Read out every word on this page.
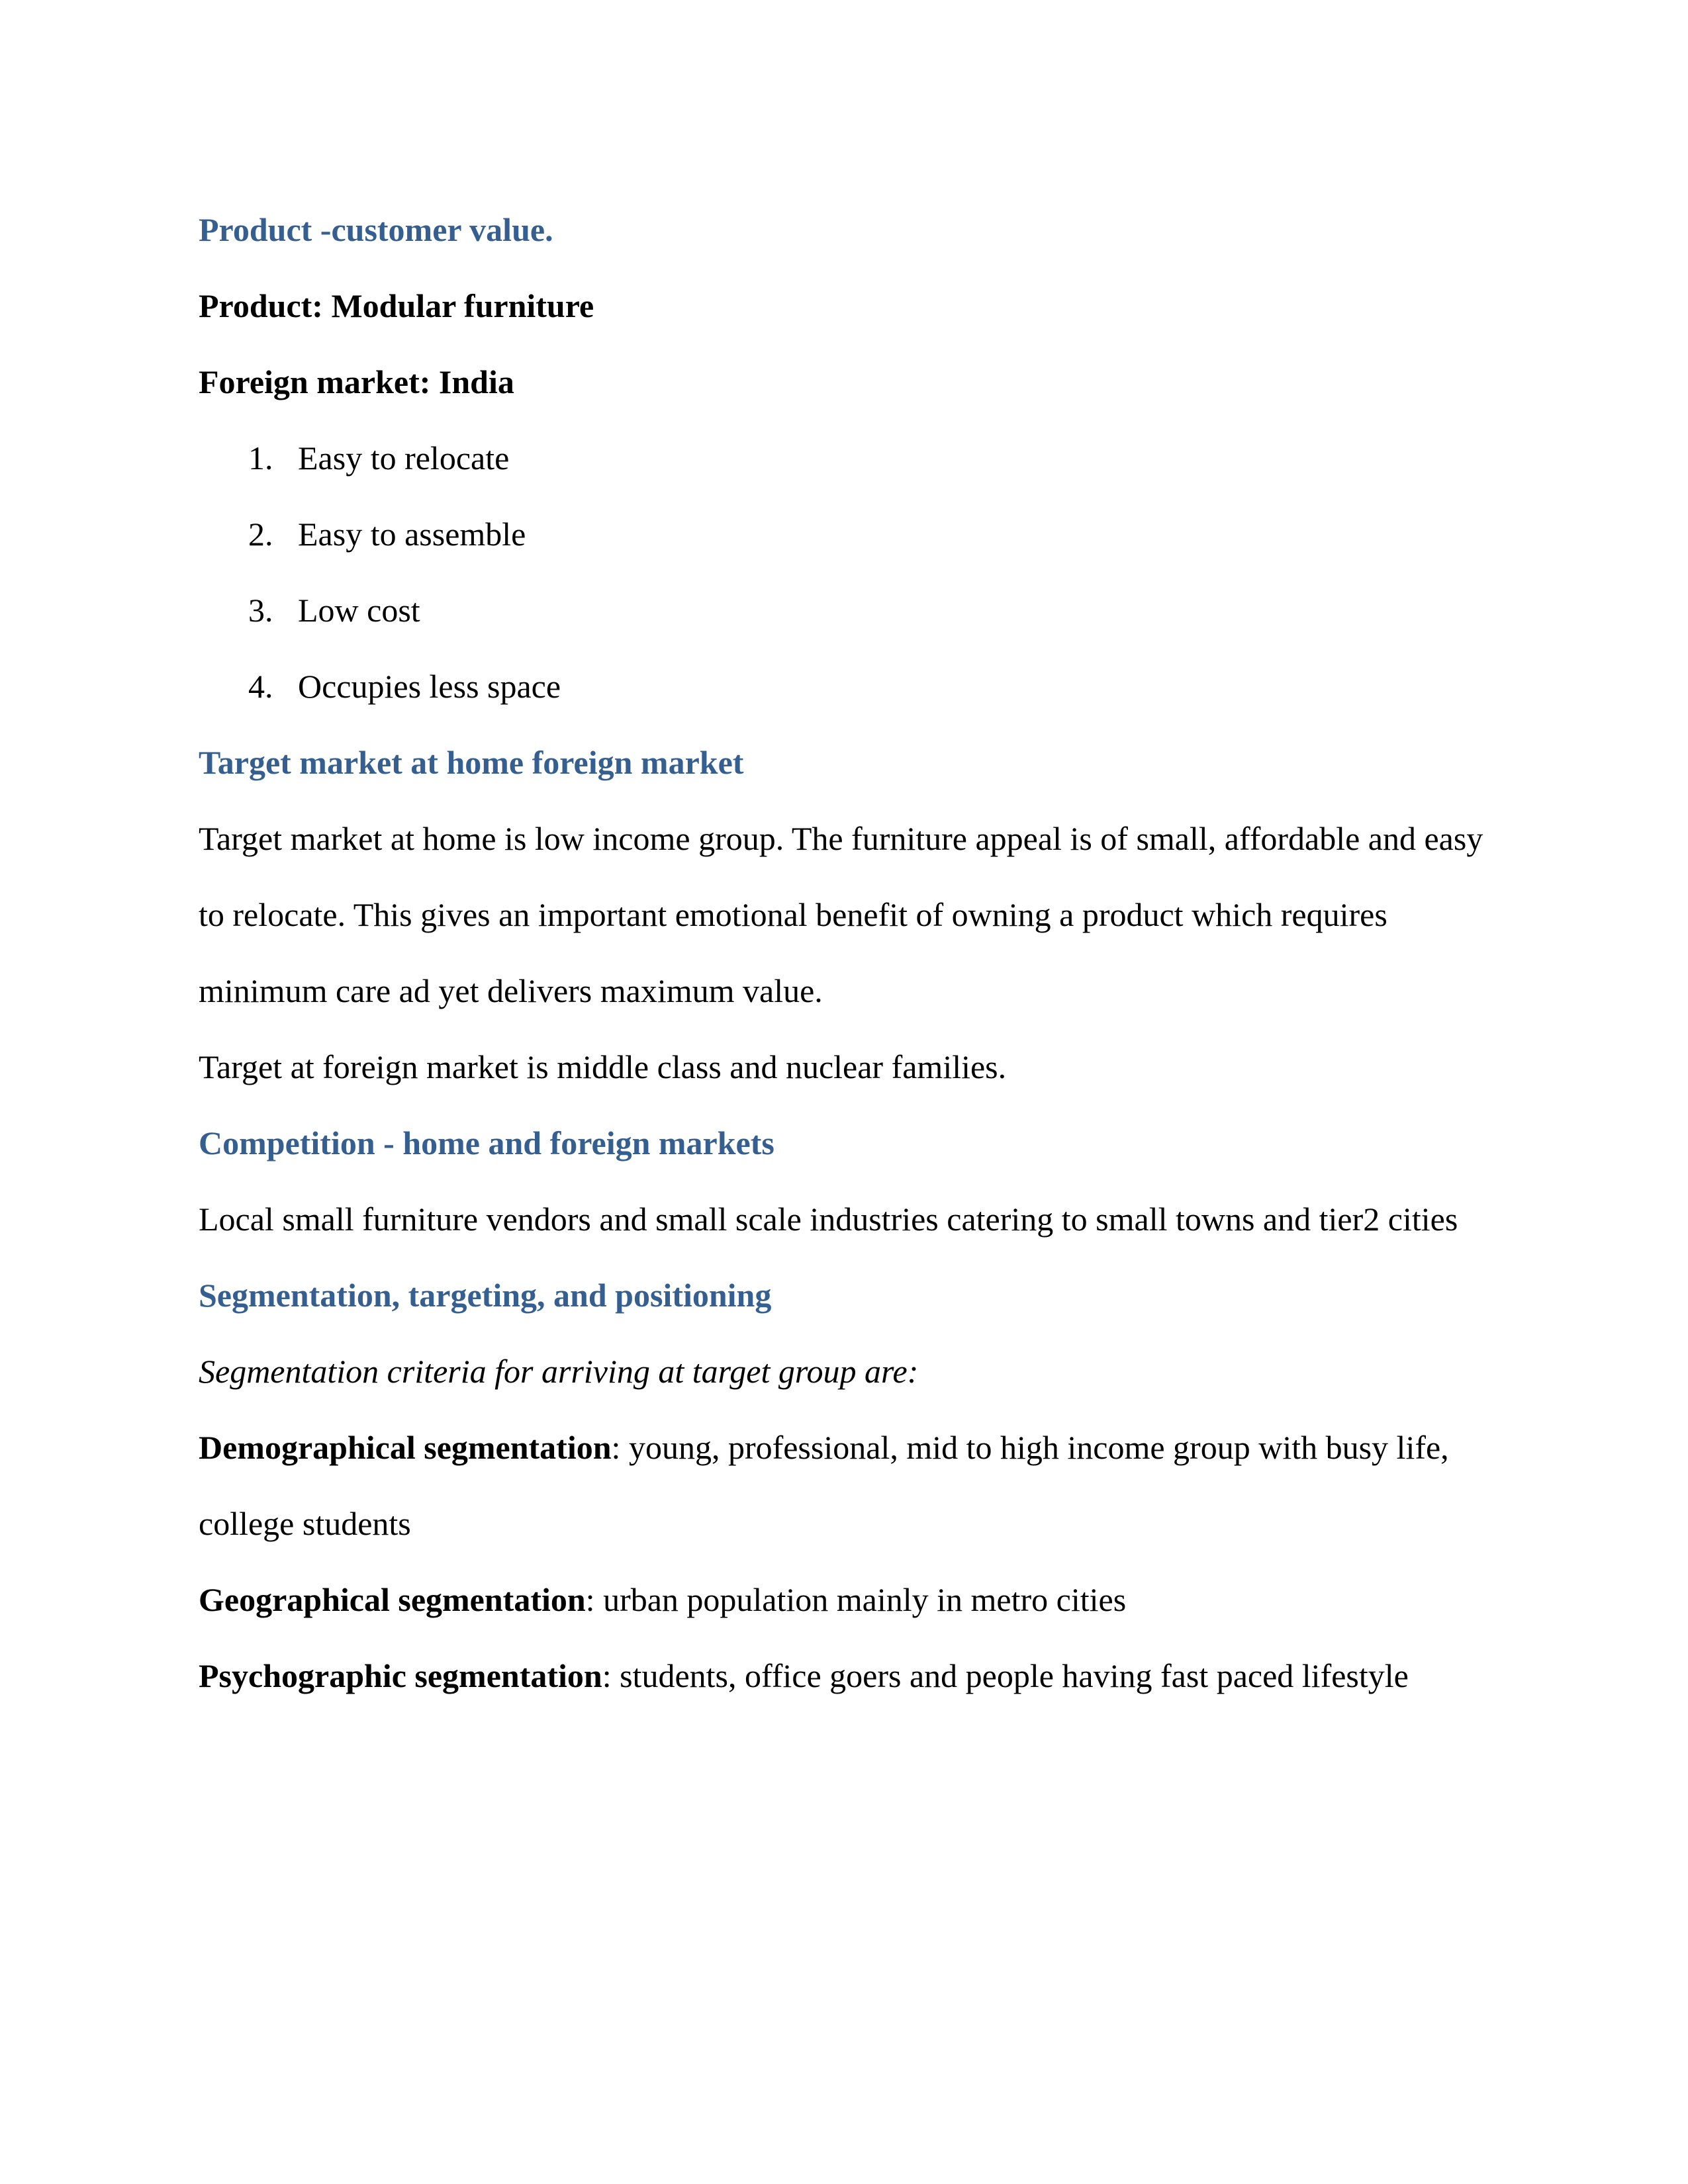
Product -customer value.
Product: Modular furniture
Foreign market: India
1. Easy to relocate
2. Easy to assemble
3. Low cost
4. Occupies less space
Target market at home foreign market
Target market at home is low income group. The furniture appeal is of small, affordable and easy
to relocate. This gives an important emotional benefit of owning a product which requires
minimum care ad yet delivers maximum value.
Target at foreign market is middle class and nuclear families.
Competition - home and foreign markets
Local small furniture vendors and small scale industries catering to small towns and tier2 cities
Segmentation, targeting, and positioning
Segmentation criteria for arriving at target group are:
Demographical segmentation: young, professional, mid to high income group with busy life,
college students
Geographical segmentation: urban population mainly in metro cities
Psychographic segmentation: students, office goers and people having fast paced lifestyle
